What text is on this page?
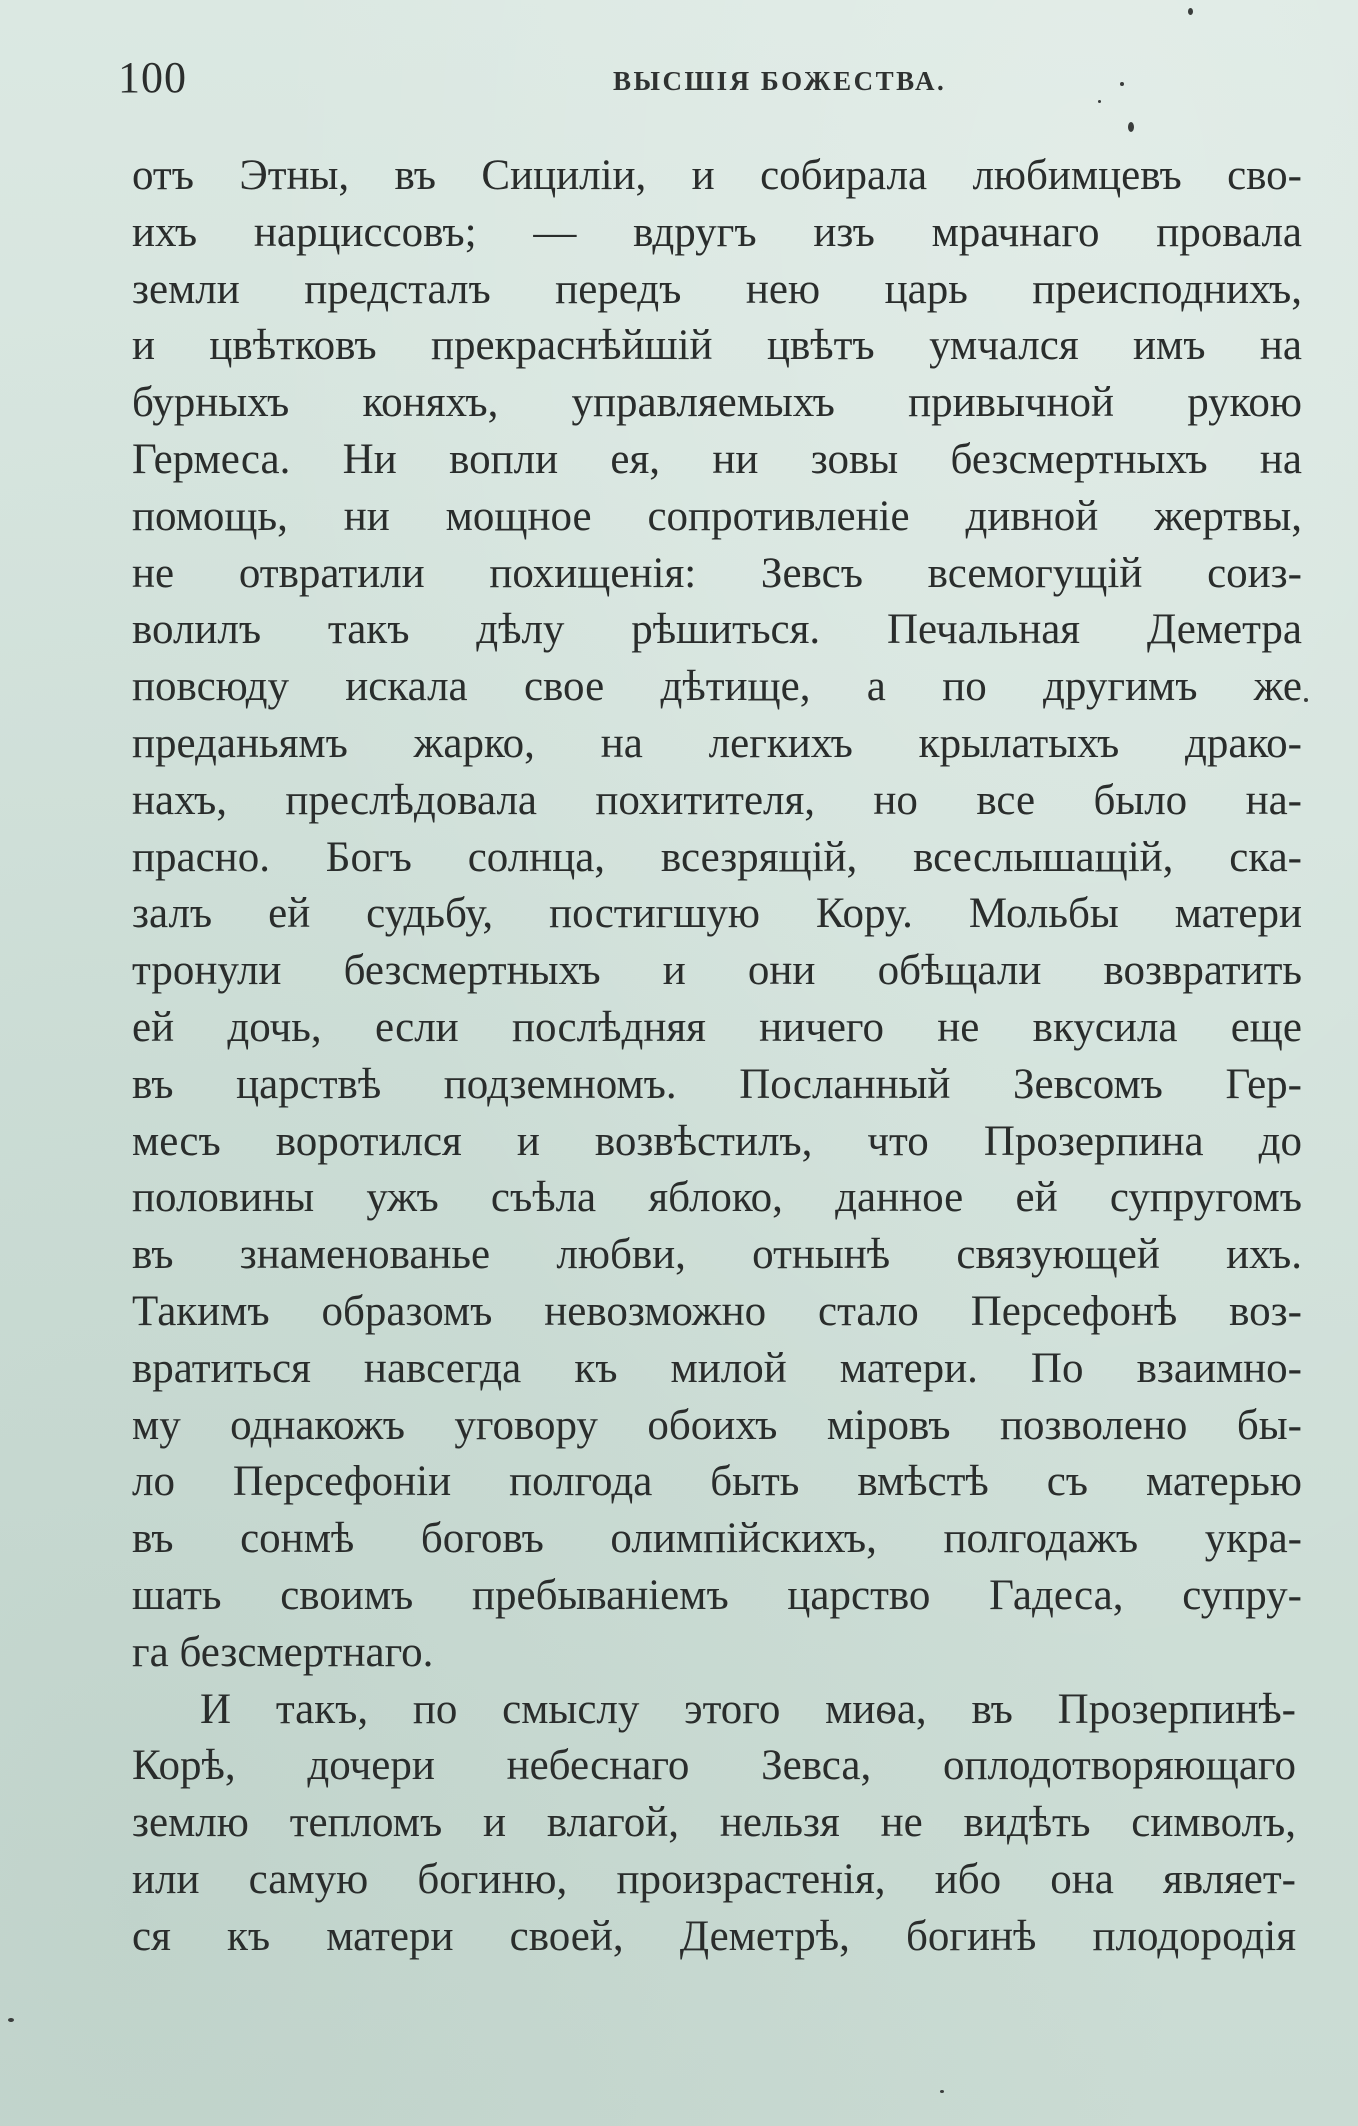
100	ВЫСШІЯ БОЖЕСТВА.
отъ Этны, въ Сициліи, и собирала любимцевъ сво-
ихъ нарциссовъ; — вдругъ изъ мрачнаго провала
земли предсталъ передъ нею царь преисподнихъ,
и цвѣтковъ прекраснѣйшій цвѣтъ умчался имъ на
бурныхъ коняхъ, управляемыхъ привычной рукою
Гермеса. Ни вопли ея, ни зовы безсмертныхъ на
помощь, ни мощное сопротивленіе дивной жертвы,
не отвратили похищенія: Зевсъ всемогущій соиз-
волилъ такъ дѣлу рѣшиться. Печальная Деметра
повсюду искала свое дѣтище, а по другимъ же
преданьямъ жарко, на легкихъ крылатыхъ драко-
нахъ, преслѣдовала похитителя, но все было на-
прасно. Богъ солнца, всезрящій, всеслышащій, ска-
залъ ей судьбу, постигшую Кору. Мольбы матери
тронули безсмертныхъ и они обѣщали возвратить
ей дочь, если послѣдняя ничего не вкусила еще
въ царствѣ подземномъ. Посланный Зевсомъ Гер-
месъ воротился и возвѣстилъ, что Прозерпина до
половины ужъ съѣла яблоко, данное ей супругомъ
въ знаменованье любви, отнынѣ связующей ихъ.
Такимъ образомъ невозможно стало Персефонѣ воз-
вратиться навсегда къ милой матери. По взаимно-
му однакожъ уговору обоихъ міровъ позволено бы-
ло Персефоніи полгода быть вмѣстѣ съ матерью
въ сонмѣ боговъ олимпійскихъ, полгодажъ укра-
шать своимъ пребываніемъ царство Гадеса, супру-
га безсмертнаго.
И такъ, по смыслу этого миѳа, въ Прозерпинѣ-
Корѣ, дочери небеснаго Зевса, оплодотворяющаго
землю тепломъ и влагой, нельзя не видѣть символъ,
или самую богиню, произрастенія, ибо она являет-
ся къ матери своей, Деметрѣ, богинѣ плодородія
